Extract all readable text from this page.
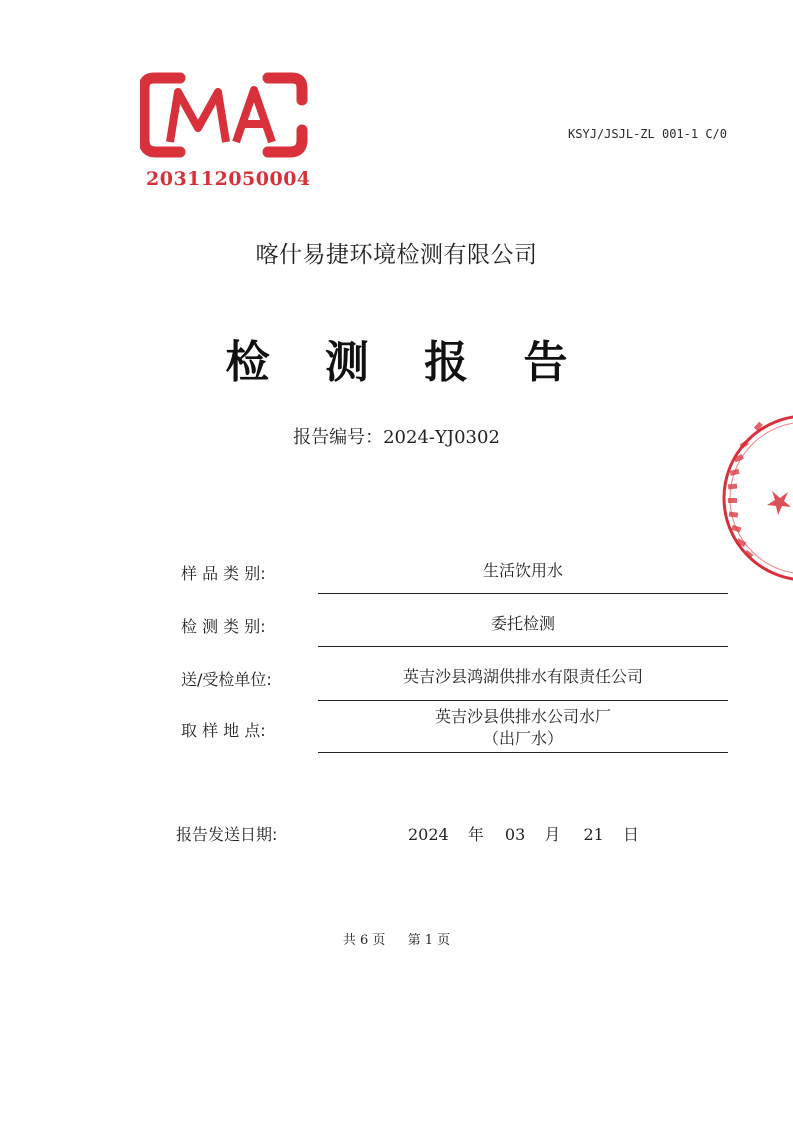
203112050004
KSYJ/JSJL-ZL 001-1 C/0
喀什易捷环境检测有限公司
检 测 报 告
报告编号：2024-YJ0302
样 品 类 别:	生活饮用水
检 测 类 别:	委托检测
送/受检单位:	英吉沙县鸿湖供排水有限责任公司
取 样 地 点:
英吉沙县供排水公司水厂
（出厂水）
报告发送日期:	2024 年 03 月 21 日
共 6 页 第 1 页
